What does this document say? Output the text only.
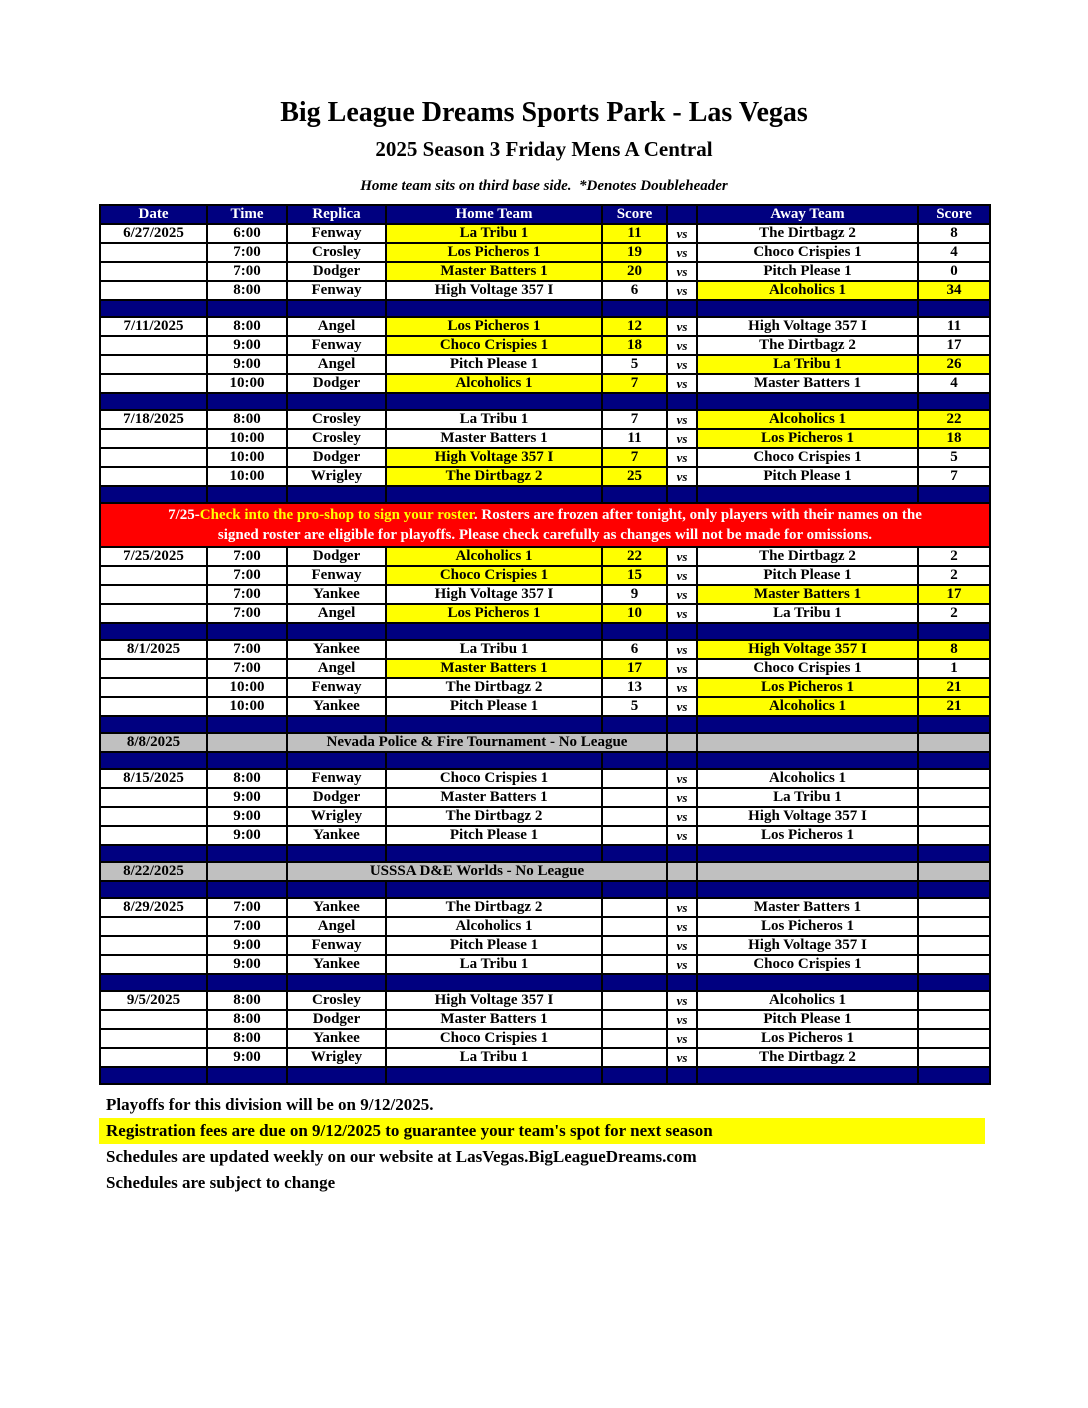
Big League Dreams Sports Park - Las Vegas
2025 Season 3 Friday Mens A Central
Home team sits on third base side.  *Denotes Doubleheader
Date	Time	Replica	Home Team	Score		Away Team	Score
6/27/2025	6:00	Fenway	La Tribu 1	11	vs	The Dirtbagz 2	8
	7:00	Crosley	Los Picheros 1	19	vs	Choco Crispies 1	4
	7:00	Dodger	Master Batters 1	20	vs	Pitch Please 1	0
	8:00	Fenway	High Voltage 357 I	6	vs	Alcoholics 1	34

7/11/2025	8:00	Angel	Los Picheros 1	12	vs	High Voltage 357 I	11
	9:00	Fenway	Choco Crispies 1	18	vs	The Dirtbagz 2	17
	9:00	Angel	Pitch Please 1	5	vs	La Tribu 1	26
	10:00	Dodger	Alcoholics 1	7	vs	Master Batters 1	4

7/18/2025	8:00	Crosley	La Tribu 1	7	vs	Alcoholics 1	22
	10:00	Crosley	Master Batters 1	11	vs	Los Picheros 1	18
	10:00	Dodger	High Voltage 357 I	7	vs	Choco Crispies 1	5
	10:00	Wrigley	The Dirtbagz 2	25	vs	Pitch Please 1	7

7/25-Check into the pro-shop to sign your roster. Rosters are frozen after tonight, only players with their names on the
signed roster are eligible for playoffs. Please check carefully as changes will not be made for omissions.							

7/25/2025	7:00	Dodger	Alcoholics 1	22	vs	The Dirtbagz 2	2
	7:00	Fenway	Choco Crispies 1	15	vs	Pitch Please 1	2
	7:00	Yankee	High Voltage 357 I	9	vs	Master Batters 1	17
	7:00	Angel	Los Picheros 1	10	vs	La Tribu 1	2

8/1/2025	7:00	Yankee	La Tribu 1	6	vs	High Voltage 357 I	8
	7:00	Angel	Master Batters 1	17	vs	Choco Crispies 1	1
	10:00	Fenway	The Dirtbagz 2	13	vs	Los Picheros 1	21
	10:00	Yankee	Pitch Please 1	5	vs	Alcoholics 1	21

8/8/2025		Nevada Police & Fire Tournament - No League					

8/15/2025	8:00	Fenway	Choco Crispies 1		vs	Alcoholics 1	
	9:00	Dodger	Master Batters 1		vs	La Tribu 1	
	9:00	Wrigley	The Dirtbagz 2		vs	High Voltage 357 I	
	9:00	Yankee	Pitch Please 1		vs	Los Picheros 1	

8/22/2025		USSSA D&E Worlds - No League					

8/29/2025	7:00	Yankee	The Dirtbagz 2		vs	Master Batters 1	
	7:00	Angel	Alcoholics 1		vs	Los Picheros 1	
	9:00	Fenway	Pitch Please 1		vs	High Voltage 357 I	
	9:00	Yankee	La Tribu 1		vs	Choco Crispies 1	

9/5/2025	8:00	Crosley	High Voltage 357 I		vs	Alcoholics 1	
	8:00	Dodger	Master Batters 1		vs	Pitch Please 1	
	8:00	Yankee	Choco Crispies 1		vs	Los Picheros 1	
	9:00	Wrigley	La Tribu 1		vs	The Dirtbagz 2	

Playoffs for this division will be on 9/12/2025.
Registration fees are due on 9/12/2025 to guarantee your team's spot for next season
Schedules are updated weekly on our website at LasVegas.BigLeagueDreams.com
Schedules are subject to change
